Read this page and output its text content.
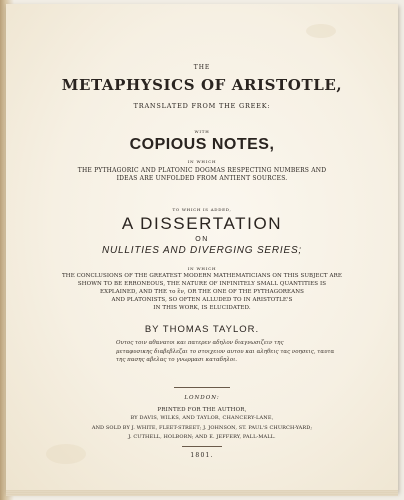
THE
METAPHYSICS OF ARISTOTLE,
TRANSLATED FROM THE GREEK:
WITH
COPIOUS NOTES,
IN WHICH
THE PYTHAGORIC AND PLATONIC DOGMAS RESPECTING NUMBERS AND
IDEAS ARE UNFOLDED FROM ANTIENT SOURCES.
TO WHICH IS ADDED,
A DISSERTATION
ON
NULLITIES AND DIVERGING SERIES;
IN WHICH
THE CONCLUSIONS OF THE GREATEST MODERN MATHEMATICIANS ON THIS SUBJECT ARE
SHOWN TO BE ERRONEOUS, THE NATURE OF INFINITELY SMALL QUANTITIES IS
EXPLAINED, AND THE το ἓν, OR THE ONE OF THE PYTHAGOREANS
AND PLATONISTS, SO OFTEN ALLUDED TO IN ARISTOTLE'S
IN THIS WORK, IS ELUCIDATED.
BY THOMAS TAYLOR.
Ουτος τοιν αθανατοι και πατερεν αδηλον διαγνωσιζειν της
μεταφυσικης διαβεβλεζαι το στοιχειον αυτου και αληθεις τας νοησεις, ταυτα
της πασης αβελας το γνωρμασι καταδηλοι.
LONDON:
PRINTED FOR THE AUTHOR,
BY DAVIS, WILKS, AND TAYLOR, CHANCERY-LANE,
AND SOLD BY J. WHITE, FLEET-STREET; J. JOHNSON, ST. PAUL'S CHURCH-YARD;
J. CUTHELL, HOLBORN; AND E. JEFFERY, PALL-MALL.
1801.
